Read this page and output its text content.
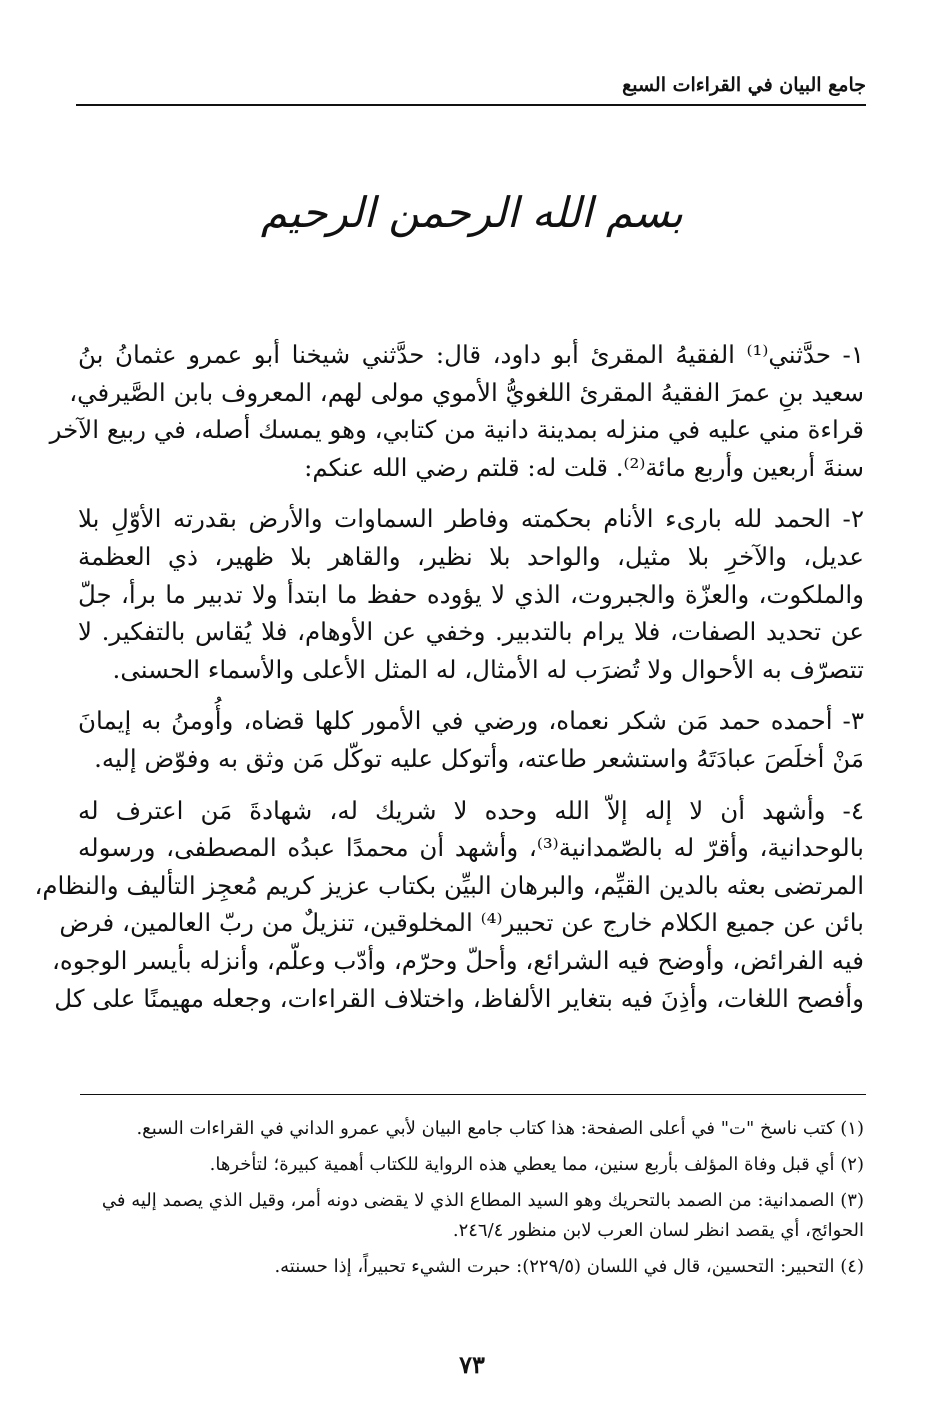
جامع البيان في القراءات السبع
بسم الله الرحمن الرحيم

١- حدَّثني⁽¹⁾ الفقيهُ المقرئ أبو داود، قال: حدَّثني شيخنا أبو عمرو عثمانُ بنُ
سعيد بنِ عمرَ الفقيهُ المقرئ اللغويُّ الأموي مولى لهم، المعروف بابن الصَّيرفي،
قراءة مني عليه في منزله بمدينة دانية من كتابي، وهو يمسك أصله، في ربيع الآخر
سنةَ أربعين وأربع مائة⁽²⁾. قلت له: قلتم رضي الله عنكم:

٢- الحمد لله بارىء الأنام بحكمته وفاطر السماوات والأرض بقدرته الأوّلِ بلا
عديل، والآخرِ بلا مثيل، والواحد بلا نظير، والقاهر بلا ظهير، ذي العظمة
والملكوت، والعزّة والجبروت، الذي لا يؤوده حفظ ما ابتدأ ولا تدبير ما برأ، جلّ
عن تحديد الصفات، فلا يرام بالتدبير. وخفي عن الأوهام، فلا يُقاس بالتفكير. لا
تتصرّف به الأحوال ولا تُضرَب له الأمثال، له المثل الأعلى والأسماء الحسنى.

٣- أحمده حمد مَن شكر نعماه، ورضي في الأمور كلها قضاه، وأُومنُ به إيمانَ
مَنْ أخلَصَ عبادَتَهُ واستشعر طاعته، وأتوكل عليه توكّل مَن وثق به وفوّض إليه.

٤- وأشهد أن لا إله إلاّ الله وحده لا شريك له، شهادةَ مَن اعترف له
بالوحدانية، وأقرّ له بالصّمدانية⁽³⁾، وأشهد أن محمدًا عبدُه المصطفى، ورسوله
المرتضى بعثه بالدين القيِّم، والبرهان البيِّن بكتاب عزيز كريم مُعجِز التأليف والنظام،
بائن عن جميع الكلام خارج عن تحبير⁽⁴⁾ المخلوقين، تنزيلٌ من ربّ العالمين، فرض
فيه الفرائض، وأوضح فيه الشرائع، وأحلّ وحرّم، وأدّب وعلّم، وأنزله بأيسر الوجوه،
وأفصح اللغات، وأذِنَ فيه بتغاير الألفاظ، واختلاف القراءات، وجعله مهيمنًا على كل

(١) كتب ناسخ "ت" في أعلى الصفحة: هذا كتاب جامع البيان لأبي عمرو الداني في القراءات السبع.

(٢) أي قبل وفاة المؤلف بأربع سنين، مما يعطي هذه الرواية للكتاب أهمية كبيرة؛ لتأخرها.

(٣) الصمدانية: من الصمد بالتحريك وهو السيد المطاع الذي لا يقضى دونه أمر، وقيل الذي يصمد إليه في الحوائج، أي يقصد انظر لسان العرب لابن منظور ٢٤٦/٤.

(٤) التحبير: التحسين، قال في اللسان (٢٢٩/٥): حبرت الشيء تحبيراً، إذا حسنته.

٧٣
